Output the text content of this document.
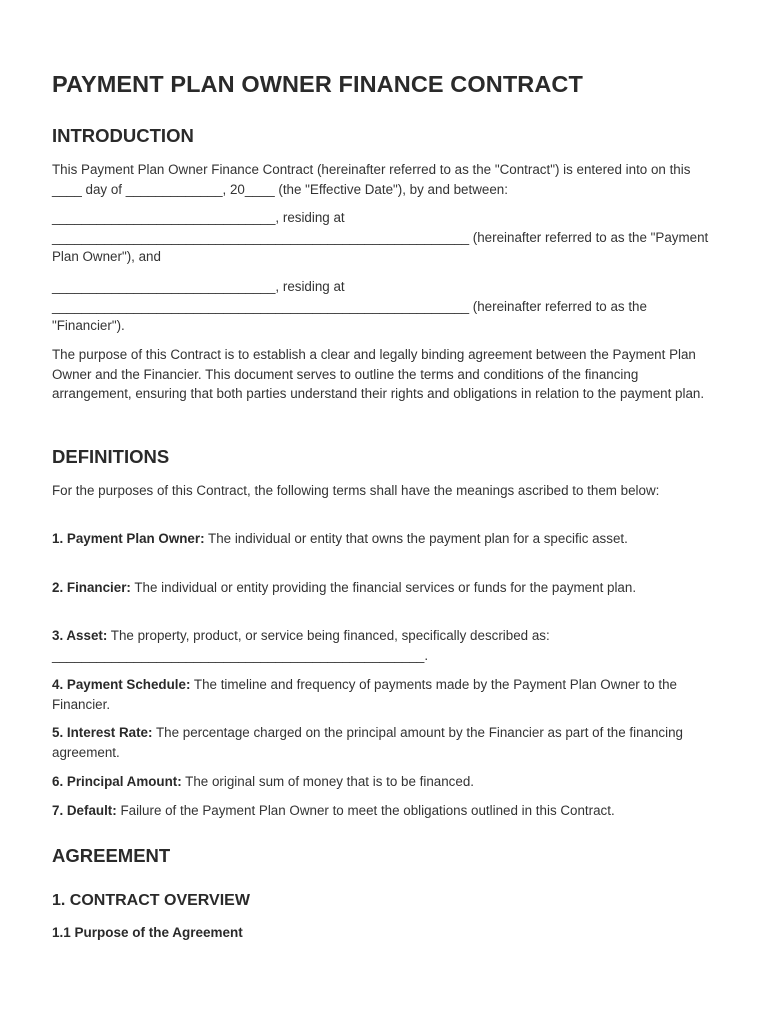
PAYMENT PLAN OWNER FINANCE CONTRACT
INTRODUCTION

This Payment Plan Owner Finance Contract (hereinafter referred to as the "Contract") is entered into on this ____ day of _____________, 20____ (the "Effective Date"), by and between:

______________________________, residing at ________________________________________________________ (hereinafter referred to as the "Payment Plan Owner"), and

______________________________, residing at ________________________________________________________ (hereinafter referred to as the "Financier").

The purpose of this Contract is to establish a clear and legally binding agreement between the Payment Plan Owner and the Financier. This document serves to outline the terms and conditions of the financing arrangement, ensuring that both parties understand their rights and obligations in relation to the payment plan.

DEFINITIONS

For the purposes of this Contract, the following terms shall have the meanings ascribed to them below:

1. Payment Plan Owner: The individual or entity that owns the payment plan for a specific asset.

2. Financier: The individual or entity providing the financial services or funds for the payment plan.

3. Asset: The property, product, or service being financed, specifically described as: __________________________________________________.

4. Payment Schedule: The timeline and frequency of payments made by the Payment Plan Owner to the Financier.

5. Interest Rate: The percentage charged on the principal amount by the Financier as part of the financing agreement.

6. Principal Amount: The original sum of money that is to be financed.

7. Default: Failure of the Payment Plan Owner to meet the obligations outlined in this Contract.

AGREEMENT
1. CONTRACT OVERVIEW
1.1 Purpose of the Agreement
